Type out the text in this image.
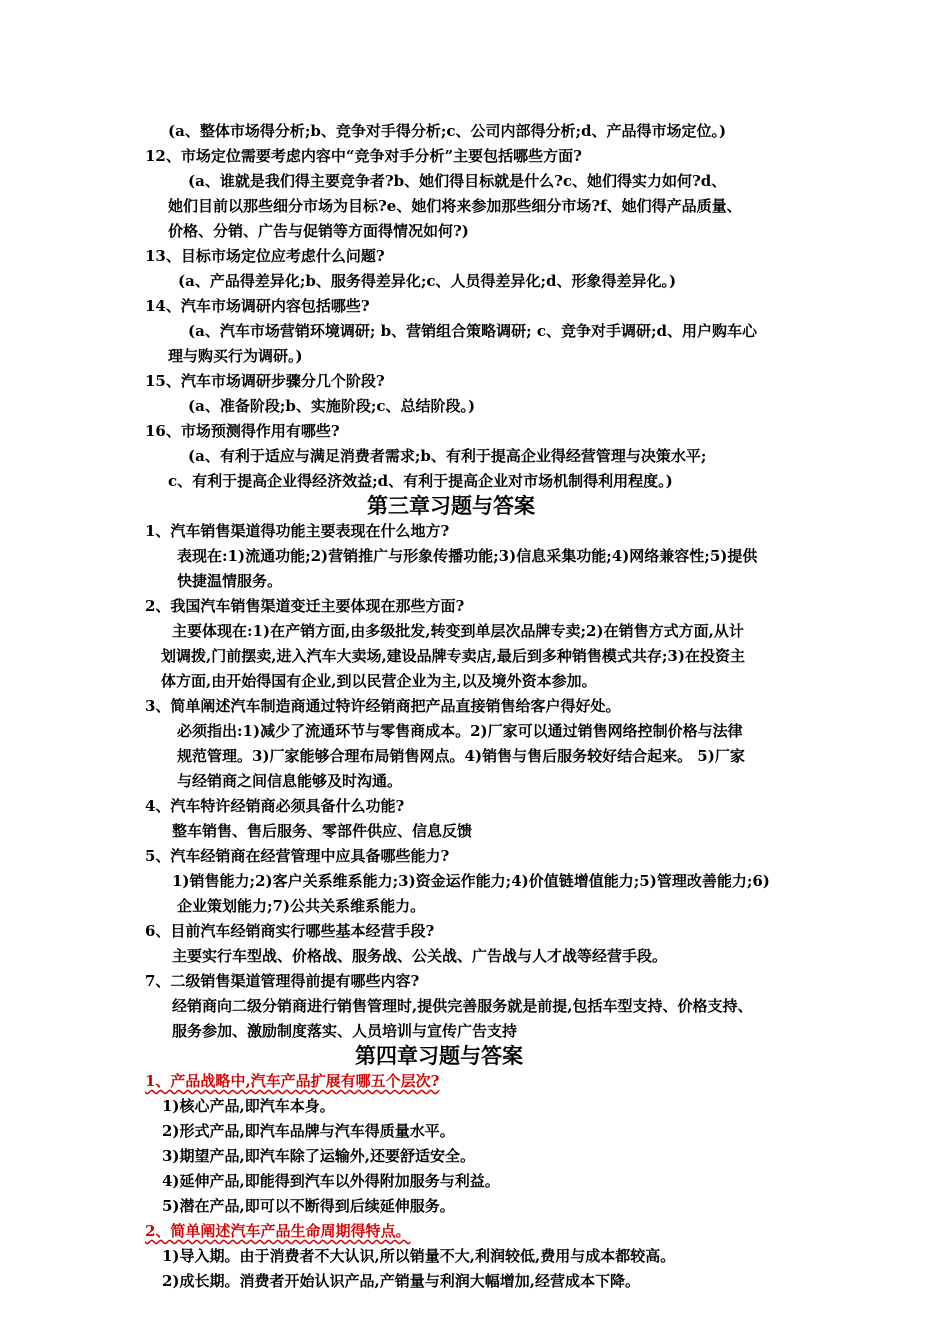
(a、整体市场得分析;b、竞争对手得分析;c、公司内部得分析;d、产品得市场定位。)
12、市场定位需要考虑内容中“竞争对手分析”主要包括哪些方面?
(a、谁就是我们得主要竞争者?b、她们得目标就是什么?c、她们得实力如何?d、
她们目前以那些细分市场为目标?e、她们将来参加那些细分市场?f、她们得产品质量、
价格、分销、广告与促销等方面得情况如何?)
13、目标市场定位应考虑什么问题?
(a、产品得差异化;b、服务得差异化;c、人员得差异化;d、形象得差异化。)
14、汽车市场调研内容包括哪些?
(a、汽车市场营销环境调研; b、营销组合策略调研; c、竞争对手调研;d、用户购车心
理与购买行为调研。)
15、汽车市场调研步骤分几个阶段?
(a、准备阶段;b、实施阶段;c、总结阶段。)
16、市场预测得作用有哪些?
(a、有利于适应与满足消费者需求;b、有利于提高企业得经营管理与决策水平;
c、有利于提高企业得经济效益;d、有利于提高企业对市场机制得利用程度。)
第三章习题与答案
1、汽车销售渠道得功能主要表现在什么地方?
表现在:1)流通功能;2)营销推广与形象传播功能;3)信息采集功能;4)网络兼容性;5)提供
快捷温情服务。
2、我国汽车销售渠道变迁主要体现在那些方面?
主要体现在:1)在产销方面,由多级批发,转变到单层次品牌专卖;2)在销售方式方面,从计
划调拨,门前摆卖,进入汽车大卖场,建设品牌专卖店,最后到多种销售模式共存;3)在投资主
体方面,由开始得国有企业,到以民营企业为主,以及境外资本参加。
3、简单阐述汽车制造商通过特许经销商把产品直接销售给客户得好处。
必须指出:1)减少了流通环节与零售商成本。2)厂家可以通过销售网络控制价格与法律
规范管理。3)厂家能够合理布局销售网点。4)销售与售后服务较好结合起来。 5)厂家
与经销商之间信息能够及时沟通。
4、汽车特许经销商必须具备什么功能?
整车销售、售后服务、零部件供应、信息反馈
5、汽车经销商在经营管理中应具备哪些能力?
1)销售能力;2)客户关系维系能力;3)资金运作能力;4)价值链增值能力;5)管理改善能力;6)
企业策划能力;7)公共关系维系能力。
6、目前汽车经销商实行哪些基本经营手段?
主要实行车型战、价格战、服务战、公关战、广告战与人才战等经营手段。
7、二级销售渠道管理得前提有哪些内容?
经销商向二级分销商进行销售管理时,提供完善服务就是前提,包括车型支持、价格支持、
服务参加、激励制度落实、人员培训与宣传广告支持
第四章习题与答案
1、产品战略中,汽车产品扩展有哪五个层次?
1)核心产品,即汽车本身。
2)形式产品,即汽车品牌与汽车得质量水平。
3)期望产品,即汽车除了运输外,还要舒适安全。
4)延伸产品,即能得到汽车以外得附加服务与利益。
5)潜在产品,即可以不断得到后续延伸服务。
2、简单阐述汽车产品生命周期得特点。
1)导入期。由于消费者不大认识,所以销量不大,利润较低,费用与成本都较高。
2)成长期。消费者开始认识产品,产销量与利润大幅增加,经营成本下降。
